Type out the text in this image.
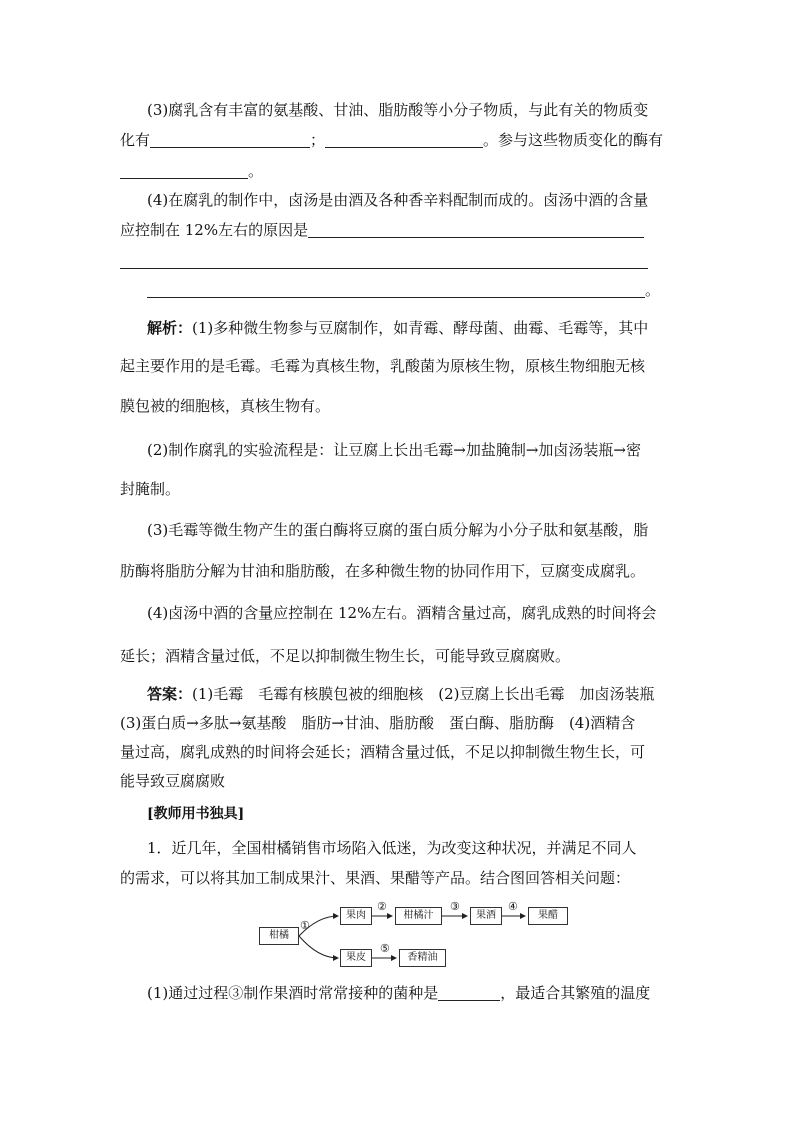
(3)腐乳含有丰富的氨基酸、甘油、脂肪酸等小分子物质，与此有关的物质变
化有	；	。参与这些物质变化的酶有
。
(4)在腐乳的制作中，卤汤是由酒及各种香辛料配制而成的。卤汤中酒的含量
应控制在 12%左右的原因是
。
解析：(1)多种微生物参与豆腐制作，如青霉、酵母菌、曲霉、毛霉等，其中
起主要作用的是毛霉。毛霉为真核生物，乳酸菌为原核生物，原核生物细胞无核
膜包被的细胞核，真核生物有。
(2)制作腐乳的实验流程是：让豆腐上长出毛霉→加盐腌制→加卤汤装瓶→密
封腌制。
(3)毛霉等微生物产生的蛋白酶将豆腐的蛋白质分解为小分子肽和氨基酸，脂
肪酶将脂肪分解为甘油和脂肪酸，在多种微生物的协同作用下，豆腐变成腐乳。
(4)卤汤中酒的含量应控制在 12%左右。酒精含量过高，腐乳成熟的时间将会
延长；酒精含量过低，不足以抑制微生物生长，可能导致豆腐腐败。
答案：(1)毛霉　毛霉有核膜包被的细胞核　(2)豆腐上长出毛霉　加卤汤装瓶
(3)蛋白质→多肽→氨基酸　脂肪→甘油、脂肪酸　蛋白酶、脂肪酶　(4)酒精含
量过高，腐乳成熟的时间将会延长；酒精含量过低，不足以抑制微生物生长，可
能导致豆腐腐败
[教师用书独具]
1．近几年，全国柑橘销售市场陷入低迷，为改变这种状况，并满足不同人
的需求，可以将其加工制成果汁、果酒、果醋等产品。结合图回答相关问题：
柑橘
果肉	柑橘汁	果酒	果醋
果皮	香精油
①
②	③	④
⑤
(1)通过过程③制作果酒时常常接种的菌种是	，最适合其繁殖的温度
